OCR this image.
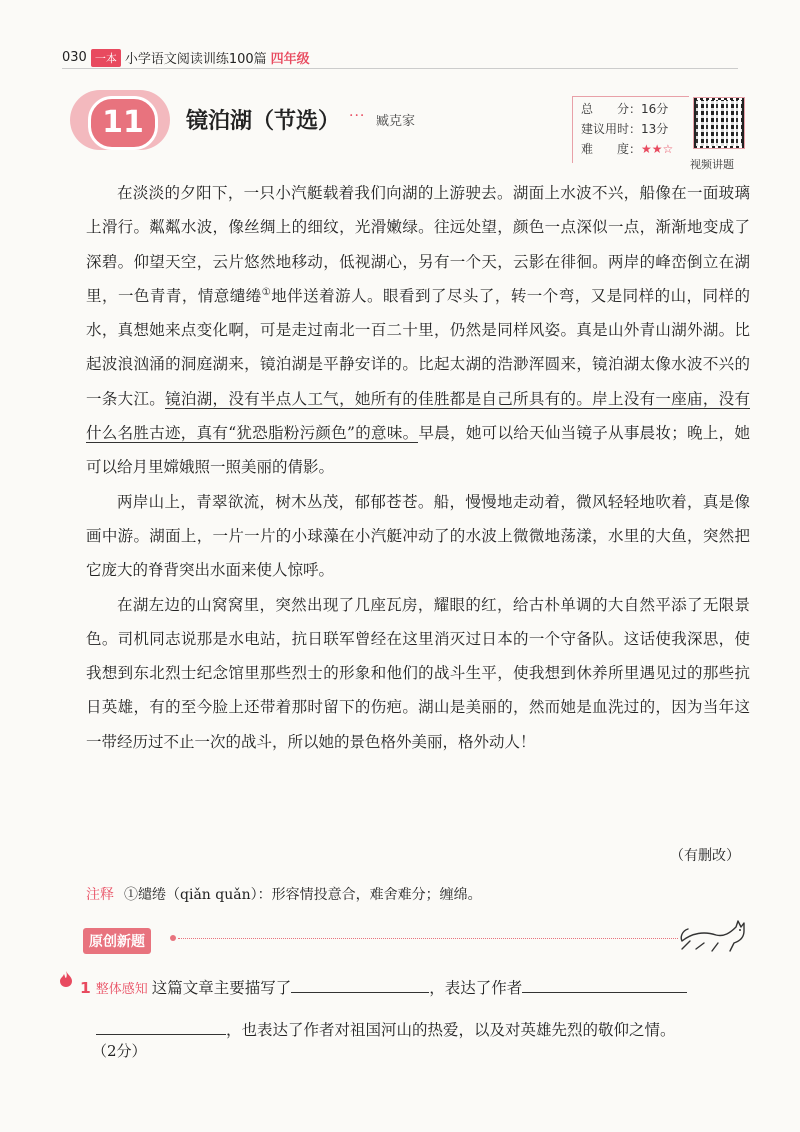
030 一本 小学语文阅读训练100篇 四年级
11	镜泊湖（节选） ··· 臧克家
总　　分：16分
建议用时：13分
难　　度：★★☆
视频讲题

在淡淡的夕阳下，一只小汽艇载着我们向湖的上游驶去。湖面上水波不兴，船像在一面玻璃上滑行。粼粼水波，像丝绸上的细纹，光滑嫩绿。往远处望，颜色一点深似一点，渐渐地变成了深碧。仰望天空，云片悠然地移动，低视湖心，另有一个天，云影在徘徊。两岸的峰峦倒立在湖里，一色青青，情意缱绻①地伴送着游人。眼看到了尽头了，转一个弯，又是同样的山，同样的水，真想她来点变化啊，可是走过南北一百二十里，仍然是同样风姿。真是山外青山湖外湖。比起波浪汹涌的洞庭湖来，镜泊湖是平静安详的。比起太湖的浩渺浑圆来，镜泊湖太像水波不兴的一条大江。镜泊湖，没有半点人工气，她所有的佳胜都是自己所具有的。岸上没有一座庙，没有什么名胜古迹，真有“犹恐脂粉污颜色”的意味。早晨，她可以给天仙当镜子从事晨妆；晚上，她可以给月里嫦娥照一照美丽的倩影。

两岸山上，青翠欲流，树木丛茂，郁郁苍苍。船，慢慢地走动着，微风轻轻地吹着，真是像画中游。湖面上，一片一片的小球藻在小汽艇冲动了的水波上微微地荡漾，水里的大鱼，突然把它庞大的脊背突出水面来使人惊呼。

在湖左边的山窝窝里，突然出现了几座瓦房，耀眼的红，给古朴单调的大自然平添了无限景色。司机同志说那是水电站，抗日联军曾经在这里消灭过日本的一个守备队。这话使我深思，使我想到东北烈士纪念馆里那些烈士的形象和他们的战斗生平，使我想到休养所里遇见过的那些抗日英雄，有的至今脸上还带着那时留下的伤疤。湖山是美丽的，然而她是血洗过的，因为当年这一带经历过不止一次的战斗，所以她的景色格外美丽，格外动人！

（有删改）
注释 ①缱绻（qiǎn quǎn）：形容情投意合，难舍难分；缠绵。
原创新题
1 整体感知 这篇文章主要描写了	，表达了作者
，也表达了作者对祖国河山的热爱，以及对英雄先烈的敬仰之情。
（2分）
